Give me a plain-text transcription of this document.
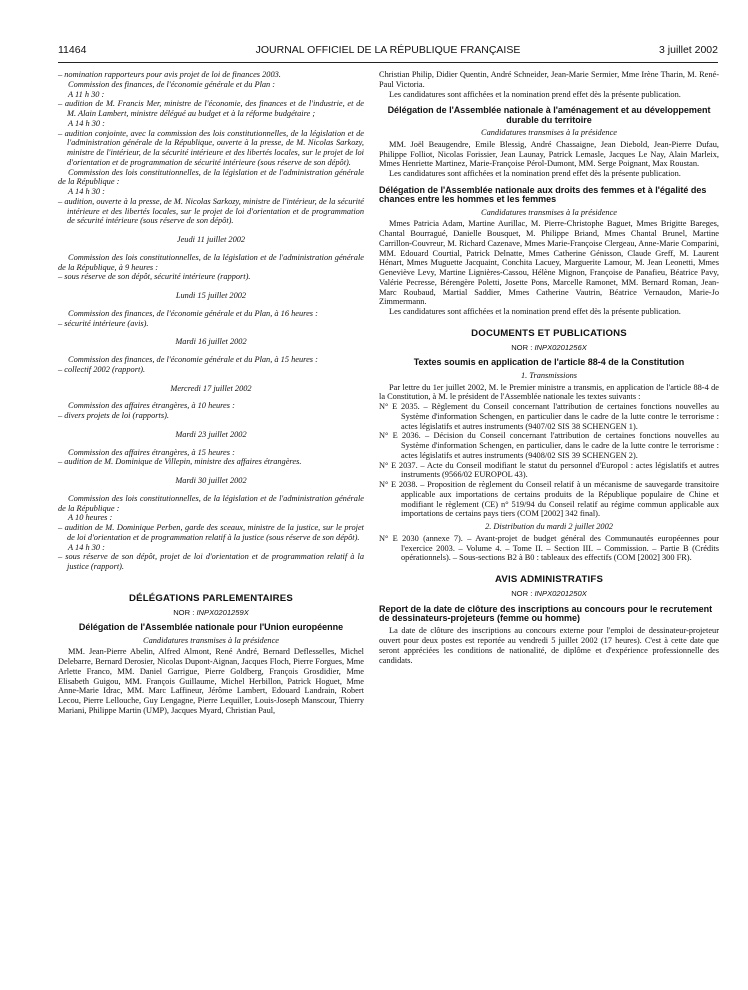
11464	JOURNAL OFFICIEL DE LA RÉPUBLIQUE FRANÇAISE	3 juillet 2002

– nomination rapporteurs pour avis projet de loi de finances 2003.

Commission des finances, de l'économie générale et du Plan :

A 11 h 30 :

– audition de M. Francis Mer, ministre de l'économie, des finances et de l'industrie, et de M. Alain Lambert, ministre délégué au budget et à la réforme budgétaire ;

A 14 h 30 :

– audition conjointe, avec la commission des lois constitutionnelles, de la législation et de l'administration générale de la République, ouverte à la presse, de M. Nicolas Sarkozy, ministre de l'intérieur, de la sécurité intérieure et des libertés locales, sur le projet de loi d'orientation et de programmation de sécurité intérieure (sous réserve de son dépôt).

Commission des lois constitutionnelles, de la législation et de l'administration générale de la République :

A 14 h 30 :

– audition, ouverte à la presse, de M. Nicolas Sarkozy, ministre de l'intérieur, de la sécurité intérieure et des libertés locales, sur le projet de loi d'orientation et de programmation de sécurité intérieure (sous réserve de son dépôt).

Jeudi 11 juillet 2002

Commission des lois constitutionnelles, de la législation et de l'administration générale de la République, à 9 heures :

– sous réserve de son dépôt, sécurité intérieure (rapport).

Lundi 15 juillet 2002

Commission des finances, de l'économie générale et du Plan, à 16 heures :

– sécurité intérieure (avis).

Mardi 16 juillet 2002

Commission des finances, de l'économie générale et du Plan, à 15 heures :

– collectif 2002 (rapport).

Mercredi 17 juillet 2002

Commission des affaires étrangères, à 10 heures :

– divers projets de loi (rapports).

Mardi 23 juillet 2002

Commission des affaires étrangères, à 15 heures :

– audition de M. Dominique de Villepin, ministre des affaires étrangères.

Mardi 30 juillet 2002

Commission des lois constitutionnelles, de la législation et de l'administration générale de la République :

A 10 heures :

– audition de M. Dominique Perben, garde des sceaux, ministre de la justice, sur le projet de loi d'orientation et de programmation relatif à la justice (sous réserve de son dépôt).

A 14 h 30 :

– sous réserve de son dépôt, projet de loi d'orientation et de programmation relatif à la justice (rapport).

DÉLÉGATIONS PARLEMENTAIRES

NOR : INPX0201259X

Délégation de l'Assemblée nationale pour l'Union européenne

Candidatures transmises à la présidence

MM. Jean-Pierre Abelin, Alfred Almont, René André, Bernard Deflesselles, Michel Delebarre, Bernard Derosier, Nicolas Dupont-Aignan, Jacques Floch, Pierre Forgues, Mme Arlette Franco, MM. Daniel Garrigue, Pierre Goldberg, François Grosdidier, Mme Elisabeth Guigou, MM. François Guillaume, Michel Herbillon, Patrick Hoguet, Mme Anne-Marie Idrac, MM. Marc Laffineur, Jérôme Lambert, Edouard Landrain, Robert Lecou, Pierre Lellouche, Guy Lengagne, Pierre Lequiller, Louis-Joseph Manscour, Thierry Mariani, Philippe Martin (UMP), Jacques Myard, Christian Paul,

Christian Philip, Didier Quentin, André Schneider, Jean-Marie Sermier, Mme Irène Tharin, M. René-Paul Victoria.

Les candidatures sont affichées et la nomination prend effet dès la présente publication.

Délégation de l'Assemblée nationale à l'aménagement et au développement durable du territoire

Candidatures transmises à la présidence

MM. Joël Beaugendre, Emile Blessig, André Chassaigne, Jean Diebold, Jean-Pierre Dufau, Philippe Folliot, Nicolas Forissier, Jean Launay, Patrick Lemasle, Jacques Le Nay, Alain Marleix, Mmes Henriette Martinez, Marie-Françoise Pérol-Dumont, MM. Serge Poignant, Max Roustan.

Les candidatures sont affichées et la nomination prend effet dès la présente publication.

Délégation de l'Assemblée nationale aux droits des femmes et à l'égalité des chances entre les hommes et les femmes

Candidatures transmises à la présidence

Mmes Patricia Adam, Martine Aurillac, M. Pierre-Christophe Baguet, Mmes Brigitte Bareges, Chantal Bourragué, Danielle Bousquet, M. Philippe Briand, Mmes Chantal Brunel, Martine Carrillon-Couvreur, M. Richard Cazenave, Mmes Marie-Françoise Clergeau, Anne-Marie Comparini, MM. Edouard Courtial, Patrick Delnatte, Mmes Catherine Génisson, Claude Greff, M. Laurent Hénart, Mmes Muguette Jacquaint, Conchita Lacuey, Marguerite Lamour, M. Jean Leonetti, Mmes Geneviève Levy, Martine Lignières-Cassou, Hélène Mignon, Françoise de Panafieu, Béatrice Pavy, Valérie Pecresse, Bérengère Poletti, Josette Pons, Marcelle Ramonet, MM. Bernard Roman, Jean-Marc Roubaud, Martial Saddier, Mmes Catherine Vautrin, Béatrice Vernaudon, Marie-Jo Zimmermann.

Les candidatures sont affichées et la nomination prend effet dès la présente publication.

DOCUMENTS ET PUBLICATIONS

NOR : INPX0201256X

Textes soumis en application de l'article 88-4 de la Constitution

1. Transmissions

Par lettre du 1er juillet 2002, M. le Premier ministre a transmis, en application de l'article 88-4 de la Constitution, à M. le président de l'Assemblée nationale les textes suivants :

N° E 2035. – Règlement du Conseil concernant l'attribution de certaines fonctions nouvelles au Système d'information Schengen, en particulier dans le cadre de la lutte contre le terrorisme : actes législatifs et autres instruments (9407/02 SIS 38 SCHENGEN 1).

N° E 2036. – Décision du Conseil concernant l'attribution de certaines fonctions nouvelles au Système d'information Schengen, en particulier, dans le cadre de la lutte contre le terrorisme : actes législatifs et autres instruments (9408/02 SIS 39 SCHENGEN 2).

N° E 2037. – Acte du Conseil modifiant le statut du personnel d'Europol : actes législatifs et autres instruments (9566/02 EUROPOL 43).

N° E 2038. – Proposition de règlement du Conseil relatif à un mécanisme de sauvegarde transitoire applicable aux importations de certains produits de la République populaire de Chine et modifiant le règlement (CE) n° 519/94 du Conseil relatif au régime commun applicable aux importations de certains pays tiers (COM [2002] 342 final).

2. Distribution du mardi 2 juillet 2002

N° E 2030 (annexe 7). – Avant-projet de budget général des Communautés européennes pour l'exercice 2003. – Volume 4. – Tome II. – Section III. – Commission. – Partie B (Crédits opérationnels). – Sous-sections B2 à B0 : tableaux des effectifs (COM [2002] 300 FR).

AVIS ADMINISTRATIFS

NOR : INPX0201250X

Report de la date de clôture des inscriptions au concours pour le recrutement de dessinateurs-projeteurs (femme ou homme)

La date de clôture des inscriptions au concours externe pour l'emploi de dessinateur-projeteur ouvert pour deux postes est reportée au vendredi 5 juillet 2002 (17 heures). C'est à cette date que seront appréciées les conditions de nationalité, de diplôme et d'expérience professionnelle des candidats.
